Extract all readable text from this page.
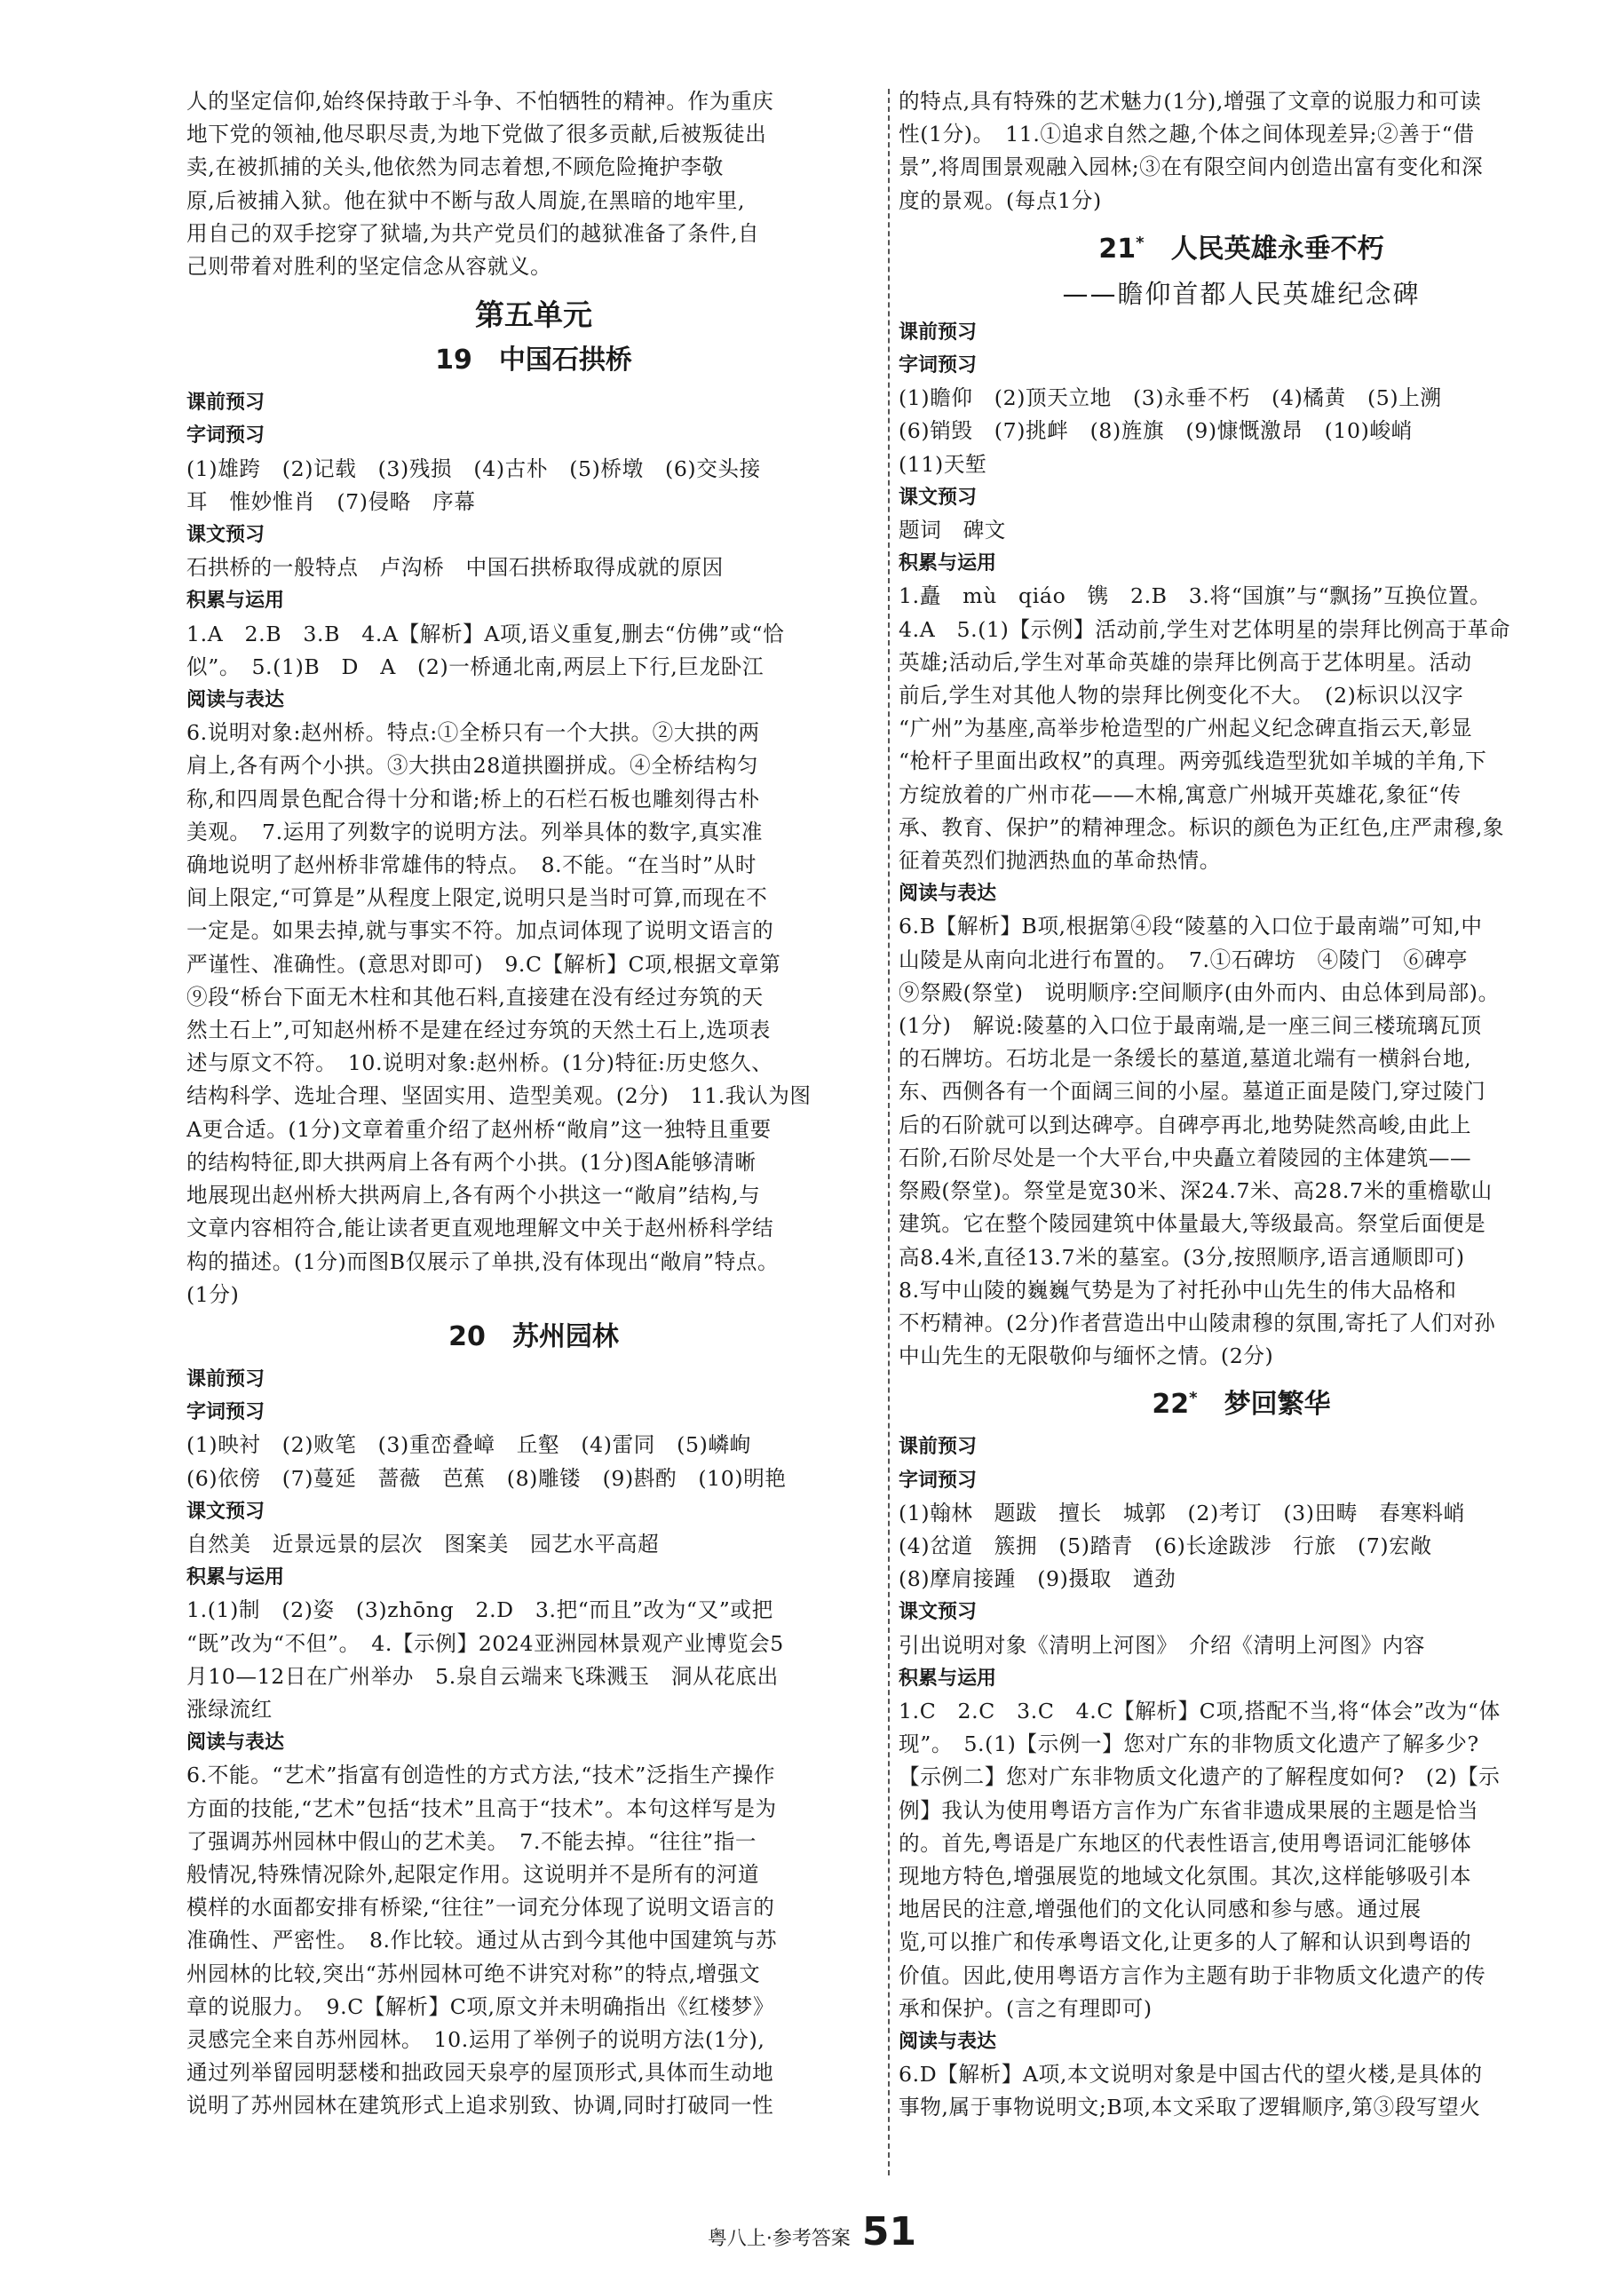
人的坚定信仰,始终保持敢于斗争、不怕牺牲的精神。作为重庆
地下党的领袖,他尽职尽责,为地下党做了很多贡献,后被叛徒出
卖,在被抓捕的关头,他依然为同志着想,不顾危险掩护李敬
原,后被捕入狱。他在狱中不断与敌人周旋,在黑暗的地牢里,
用自己的双手挖穿了狱墙,为共产党员们的越狱准备了条件,自
己则带着对胜利的坚定信念从容就义。

第五单元
19　中国石拱桥
课前预习
字词预习

(1)雄跨　(2)记载　(3)残损　(4)古朴　(5)桥墩　(6)交头接
耳　惟妙惟肖　(7)侵略　序幕

课文预习

石拱桥的一般特点　卢沟桥　中国石拱桥取得成就的原因

积累与运用

1.A　2.B　3.B　4.A【解析】A项,语义重复,删去“仿佛”或“恰
似”。　5.(1)B　D　A　(2)一桥通北南,两层上下行,巨龙卧江

阅读与表达

6.说明对象:赵州桥。特点:①全桥只有一个大拱。②大拱的两
肩上,各有两个小拱。③大拱由28道拱圈拼成。④全桥结构匀
称,和四周景色配合得十分和谐;桥上的石栏石板也雕刻得古朴
美观。　7.运用了列数字的说明方法。列举具体的数字,真实准
确地说明了赵州桥非常雄伟的特点。　8.不能。“在当时”从时
间上限定,“可算是”从程度上限定,说明只是当时可算,而现在不
一定是。如果去掉,就与事实不符。加点词体现了说明文语言的
严谨性、准确性。(意思对即可)　9.C【解析】C项,根据文章第
⑨段“桥台下面无木柱和其他石料,直接建在没有经过夯筑的天
然土石上”,可知赵州桥不是建在经过夯筑的天然土石上,选项表
述与原文不符。　10.说明对象:赵州桥。(1分)特征:历史悠久、
结构科学、选址合理、坚固实用、造型美观。(2分)　11.我认为图
A更合适。(1分)文章着重介绍了赵州桥“敞肩”这一独特且重要
的结构特征,即大拱两肩上各有两个小拱。(1分)图A能够清晰
地展现出赵州桥大拱两肩上,各有两个小拱这一“敞肩”结构,与
文章内容相符合,能让读者更直观地理解文中关于赵州桥科学结
构的描述。(1分)而图B仅展示了单拱,没有体现出“敞肩”特点。
(1分)

20　苏州园林
课前预习
字词预习

(1)映衬　(2)败笔　(3)重峦叠嶂　丘壑　(4)雷同　(5)嶙峋
(6)依傍　(7)蔓延　蔷薇　芭蕉　(8)雕镂　(9)斟酌　(10)明艳

课文预习

自然美　近景远景的层次　图案美　园艺水平高超

积累与运用

1.(1)制　(2)姿　(3)zhōng　2.D　3.把“而且”改为“又”或把
“既”改为“不但”。　4.【示例】2024亚洲园林景观产业博览会5
月10—12日在广州举办　5.泉自云端来飞珠溅玉　洞从花底出
涨绿流红

阅读与表达

6.不能。“艺术”指富有创造性的方式方法,“技术”泛指生产操作
方面的技能,“艺术”包括“技术”且高于“技术”。本句这样写是为
了强调苏州园林中假山的艺术美。　7.不能去掉。“往往”指一
般情况,特殊情况除外,起限定作用。这说明并不是所有的河道
模样的水面都安排有桥梁,“往往”一词充分体现了说明文语言的
准确性、严密性。　8.作比较。通过从古到今其他中国建筑与苏
州园林的比较,突出“苏州园林可绝不讲究对称”的特点,增强文
章的说服力。　9.C【解析】C项,原文并未明确指出《红楼梦》
灵感完全来自苏州园林。　10.运用了举例子的说明方法(1分),
通过列举留园明瑟楼和拙政园天泉亭的屋顶形式,具体而生动地
说明了苏州园林在建筑形式上追求别致、协调,同时打破同一性

的特点,具有特殊的艺术魅力(1分),增强了文章的说服力和可读
性(1分)。　11.①追求自然之趣,个体之间体现差异;②善于“借
景”,将周围景观融入园林;③在有限空间内创造出富有变化和深
度的景观。(每点1分)

21*　 人民英雄永垂不朽
——瞻仰首都人民英雄纪念碑
课前预习
字词预习

(1)瞻仰　(2)顶天立地　(3)永垂不朽　(4)橘黄　(5)上溯
(6)销毁　(7)挑衅　(8)旌旗　(9)慷慨激昂　(10)峻峭
(11)天堑

课文预习

题词　碑文

积累与运用

1.矗　mù　qiáo　镌　2.B　3.将“国旗”与“飘扬”互换位置。
4.A　5.(1)【示例】活动前,学生对艺体明星的崇拜比例高于革命
英雄;活动后,学生对革命英雄的崇拜比例高于艺体明星。活动
前后,学生对其他人物的崇拜比例变化不大。　(2)标识以汉字
“广州”为基座,高举步枪造型的广州起义纪念碑直指云天,彰显
“枪杆子里面出政权”的真理。两旁弧线造型犹如羊城的羊角,下
方绽放着的广州市花——木棉,寓意广州城开英雄花,象征“传
承、教育、保护”的精神理念。标识的颜色为正红色,庄严肃穆,象
征着英烈们抛洒热血的革命热情。

阅读与表达

6.B【解析】B项,根据第④段“陵墓的入口位于最南端”可知,中
山陵是从南向北进行布置的。　7.①石碑坊　④陵门　⑥碑亭
⑨祭殿(祭堂)　说明顺序:空间顺序(由外而内、由总体到局部)。
(1分)　解说:陵墓的入口位于最南端,是一座三间三楼琉璃瓦顶
的石牌坊。石坊北是一条缓长的墓道,墓道北端有一横斜台地,
东、西侧各有一个面阔三间的小屋。墓道正面是陵门,穿过陵门
后的石阶就可以到达碑亭。自碑亭再北,地势陡然高峻,由此上
石阶,石阶尽处是一个大平台,中央矗立着陵园的主体建筑——
祭殿(祭堂)。祭堂是宽30米、深24.7米、高28.7米的重檐歇山
建筑。它在整个陵园建筑中体量最大,等级最高。祭堂后面便是
高8.4米,直径13.7米的墓室。(3分,按照顺序,语言通顺即可)
8.写中山陵的巍巍气势是为了衬托孙中山先生的伟大品格和
不朽精神。(2分)作者营造出中山陵肃穆的氛围,寄托了人们对孙
中山先生的无限敬仰与缅怀之情。(2分)

22*　 梦回繁华
课前预习
字词预习

(1)翰林　题跋　擅长　城郭　(2)考订　(3)田畴　春寒料峭
(4)岔道　簇拥　(5)踏青　(6)长途跋涉　行旅　(7)宏敞
(8)摩肩接踵　(9)摄取　遒劲

课文预习

引出说明对象《清明上河图》　介绍《清明上河图》内容

积累与运用

1.C　2.C　3.C　4.C【解析】C项,搭配不当,将“体会”改为“体
现”。　5.(1)【示例一】您对广东的非物质文化遗产了解多少?
【示例二】您对广东非物质文化遗产的了解程度如何?　(2)【示
例】我认为使用粤语方言作为广东省非遗成果展的主题是恰当
的。首先,粤语是广东地区的代表性语言,使用粤语词汇能够体
现地方特色,增强展览的地域文化氛围。其次,这样能够吸引本
地居民的注意,增强他们的文化认同感和参与感。通过展
览,可以推广和传承粤语文化,让更多的人了解和认识到粤语的
价值。因此,使用粤语方言作为主题有助于非物质文化遗产的传
承和保护。(言之有理即可)

阅读与表达

6.D【解析】A项,本文说明对象是中国古代的望火楼,是具体的
事物,属于事物说明文;B项,本文采取了逻辑顺序,第③段写望火

粤八上·参考答案 51
